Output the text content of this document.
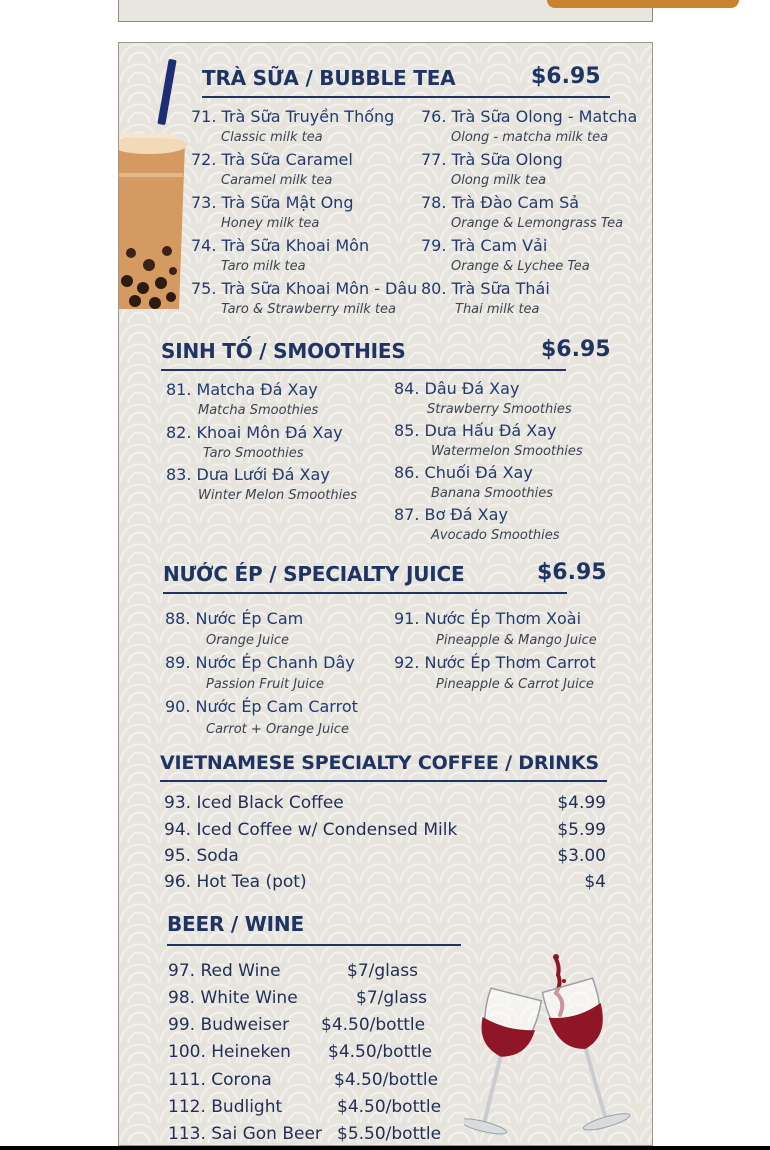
TRÀ SỮA / BUBBLE TEA	$6.95
71. Trà Sữa Truyền Thống
Classic milk tea
72. Trà Sữa Caramel
Caramel milk tea
73. Trà Sữa Mật Ong
Honey milk tea
74. Trà Sữa Khoai Môn
Taro milk tea
75. Trà Sữa Khoai Môn - Dâu
Taro & Strawberry milk tea
76. Trà Sữa Olong - Matcha
Olong - matcha milk tea
77. Trà Sữa Olong
Olong milk tea
78. Trà Đào Cam Sả
Orange & Lemongrass Tea
79. Trà Cam Vải
Orange & Lychee Tea
80. Trà Sữa Thái
Thai milk tea
SINH TỐ / SMOOTHIES	$6.95
81. Matcha Đá Xay
Matcha Smoothies
82. Khoai Môn Đá Xay
Taro Smoothies
83. Dưa Lưới Đá Xay
Winter Melon Smoothies
84. Dâu Đá Xay
Strawberry Smoothies
85. Dưa Hấu Đá Xay
Watermelon Smoothies
86. Chuối Đá Xay
Banana Smoothies
87. Bơ Đá Xay
Avocado Smoothies
NƯỚC ÉP / SPECIALTY JUICE	$6.95
88. Nước Ép Cam
Orange Juice
89. Nước Ép Chanh Dây
Passion Fruit Juice
90. Nước Ép Cam Carrot
Carrot + Orange Juice
91. Nước Ép Thơm Xoài
Pineapple & Mango Juice
92. Nước Ép Thơm Carrot
Pineapple & Carrot Juice
VIETNAMESE SPECIALTY COFFEE / DRINKS
93. Iced Black Coffee	$4.99
94. Iced Coffee w/ Condensed Milk	$5.99
95. Soda	$3.00
96. Hot Tea (pot)	$4
BEER / WINE
97. Red Wine	$7/glass
98. White Wine	$7/glass
99. Budweiser $4.50/bottle
100. Heineken $4.50/bottle
111. Corona	$4.50/bottle
112. Budlight	$4.50/bottle
113. Sai Gon Beer $5.50/bottle
